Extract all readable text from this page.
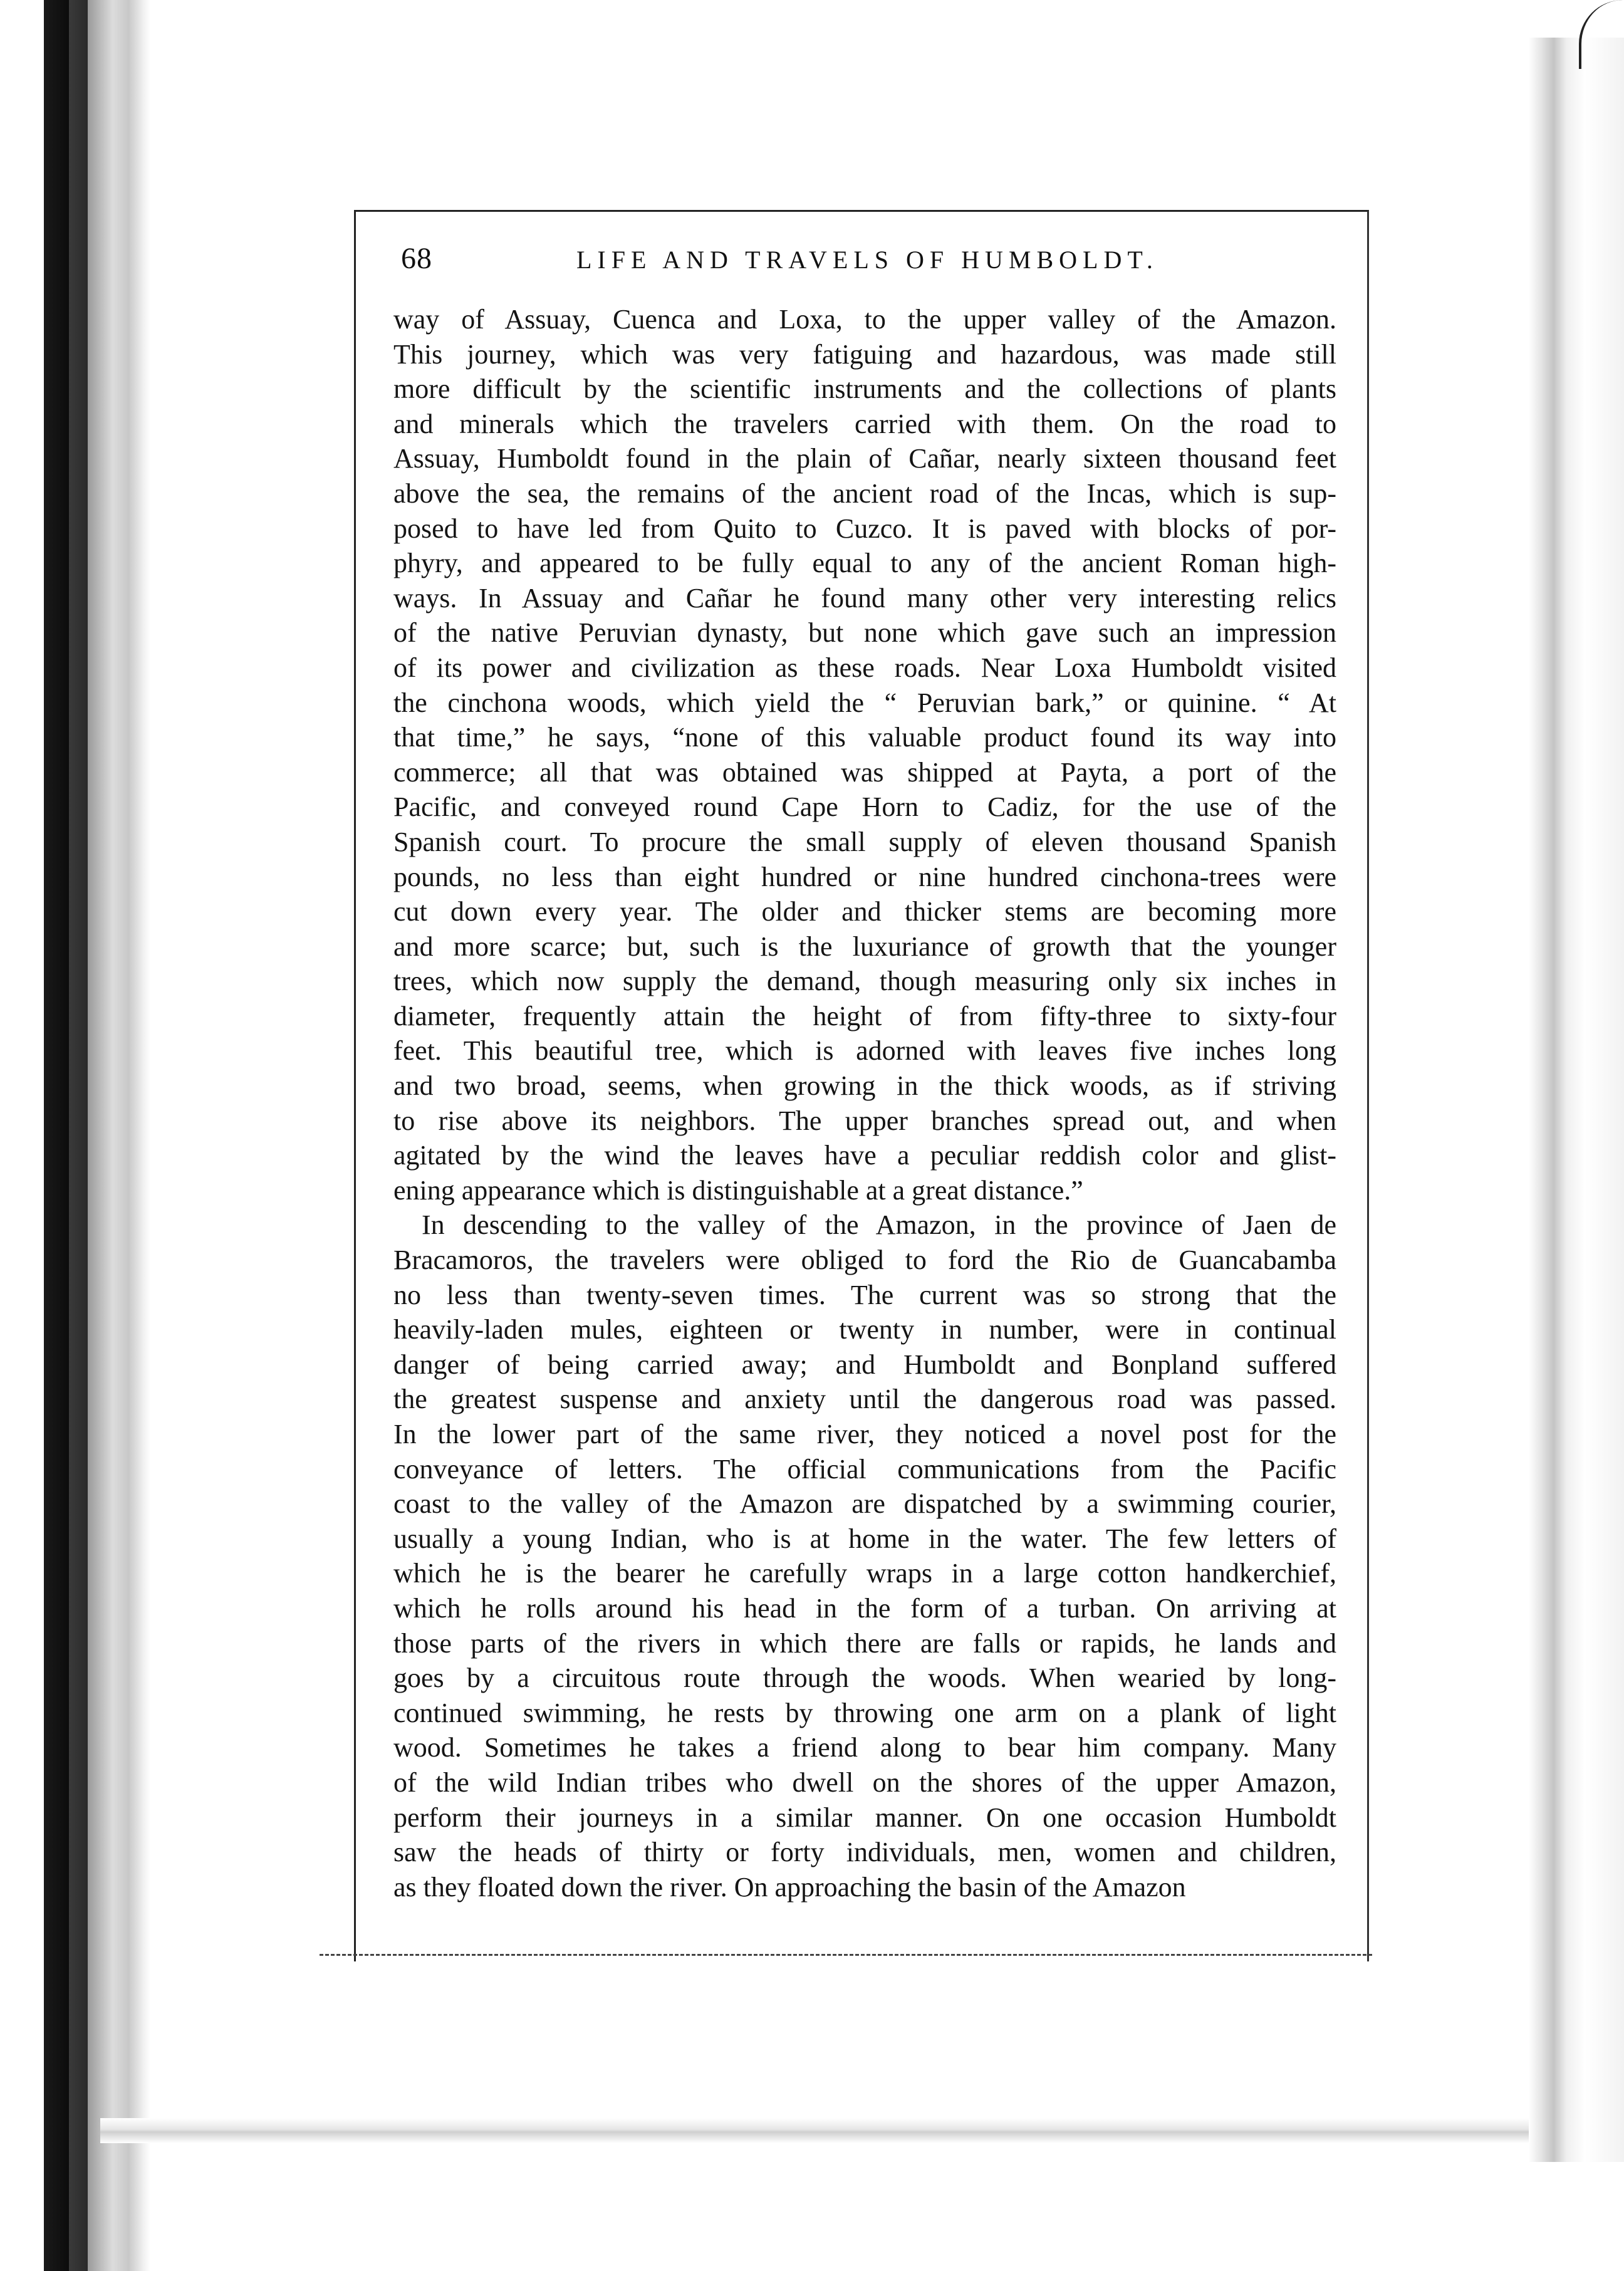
68	LIFE AND TRAVELS OF HUMBOLDT.
way of Assuay, Cuenca and Loxa, to the upper valley of the Amazon.
This journey, which was very fatiguing and hazardous, was made still
more difficult by the scientific instruments and the collections of plants
and minerals which the travelers carried with them. On the road to
Assuay, Humboldt found in the plain of Cañar, nearly sixteen thousand feet
above the sea, the remains of the ancient road of the Incas, which is sup-
posed to have led from Quito to Cuzco. It is paved with blocks of por-
phyry, and appeared to be fully equal to any of the ancient Roman high-
ways. In Assuay and Cañar he found many other very interesting relics
of the native Peruvian dynasty, but none which gave such an impression
of its power and civilization as these roads. Near Loxa Humboldt visited
the cinchona woods, which yield the “ Peruvian bark,” or quinine. “ At
that time,” he says, “none of this valuable product found its way into
commerce; all that was obtained was shipped at Payta, a port of the
Pacific, and conveyed round Cape Horn to Cadiz, for the use of the
Spanish court. To procure the small supply of eleven thousand Spanish
pounds, no less than eight hundred or nine hundred cinchona-trees were
cut down every year. The older and thicker stems are becoming more
and more scarce; but, such is the luxuriance of growth that the younger
trees, which now supply the demand, though measuring only six inches in
diameter, frequently attain the height of from fifty-three to sixty-four
feet. This beautiful tree, which is adorned with leaves five inches long
and two broad, seems, when growing in the thick woods, as if striving
to rise above its neighbors. The upper branches spread out, and when
agitated by the wind the leaves have a peculiar reddish color and glist-
ening appearance which is distinguishable at a great distance.”
In descending to the valley of the Amazon, in the province of Jaen de
Bracamoros, the travelers were obliged to ford the Rio de Guancabamba
no less than twenty-seven times. The current was so strong that the
heavily-laden mules, eighteen or twenty in number, were in continual
danger of being carried away; and Humboldt and Bonpland suffered
the greatest suspense and anxiety until the dangerous road was passed.
In the lower part of the same river, they noticed a novel post for the
conveyance of letters. The official communications from the Pacific
coast to the valley of the Amazon are dispatched by a swimming courier,
usually a young Indian, who is at home in the water. The few letters of
which he is the bearer he carefully wraps in a large cotton handkerchief,
which he rolls around his head in the form of a turban. On arriving at
those parts of the rivers in which there are falls or rapids, he lands and
goes by a circuitous route through the woods. When wearied by long-
continued swimming, he rests by throwing one arm on a plank of light
wood. Sometimes he takes a friend along to bear him company. Many
of the wild Indian tribes who dwell on the shores of the upper Amazon,
perform their journeys in a similar manner. On one occasion Humboldt
saw the heads of thirty or forty individuals, men, women and children,
as they floated down the river. On approaching the basin of the Amazon
